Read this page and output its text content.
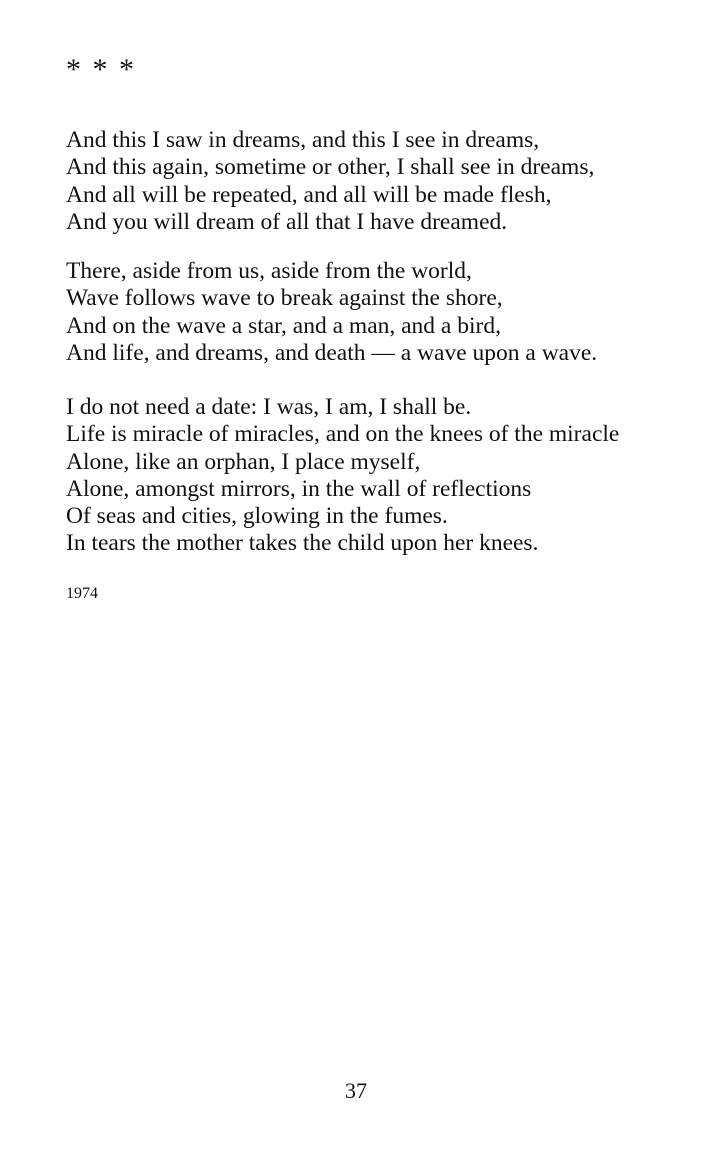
* * *
And this I saw in dreams, and this I see in dreams,
And this again, sometime or other, I shall see in dreams,
And all will be repeated, and all will be made flesh,
And you will dream of all that I have dreamed.
There, aside from us, aside from the world,
Wave follows wave to break against the shore,
And on the wave a star, and a man, and a bird,
And life, and dreams, and death — a wave upon a wave.
I do not need a date: I was, I am, I shall be.
Life is miracle of miracles, and on the knees of the miracle
Alone, like an orphan, I place myself,
Alone, amongst mirrors, in the wall of reflections
Of seas and cities, glowing in the fumes.
In tears the mother takes the child upon her knees.
1974
37
